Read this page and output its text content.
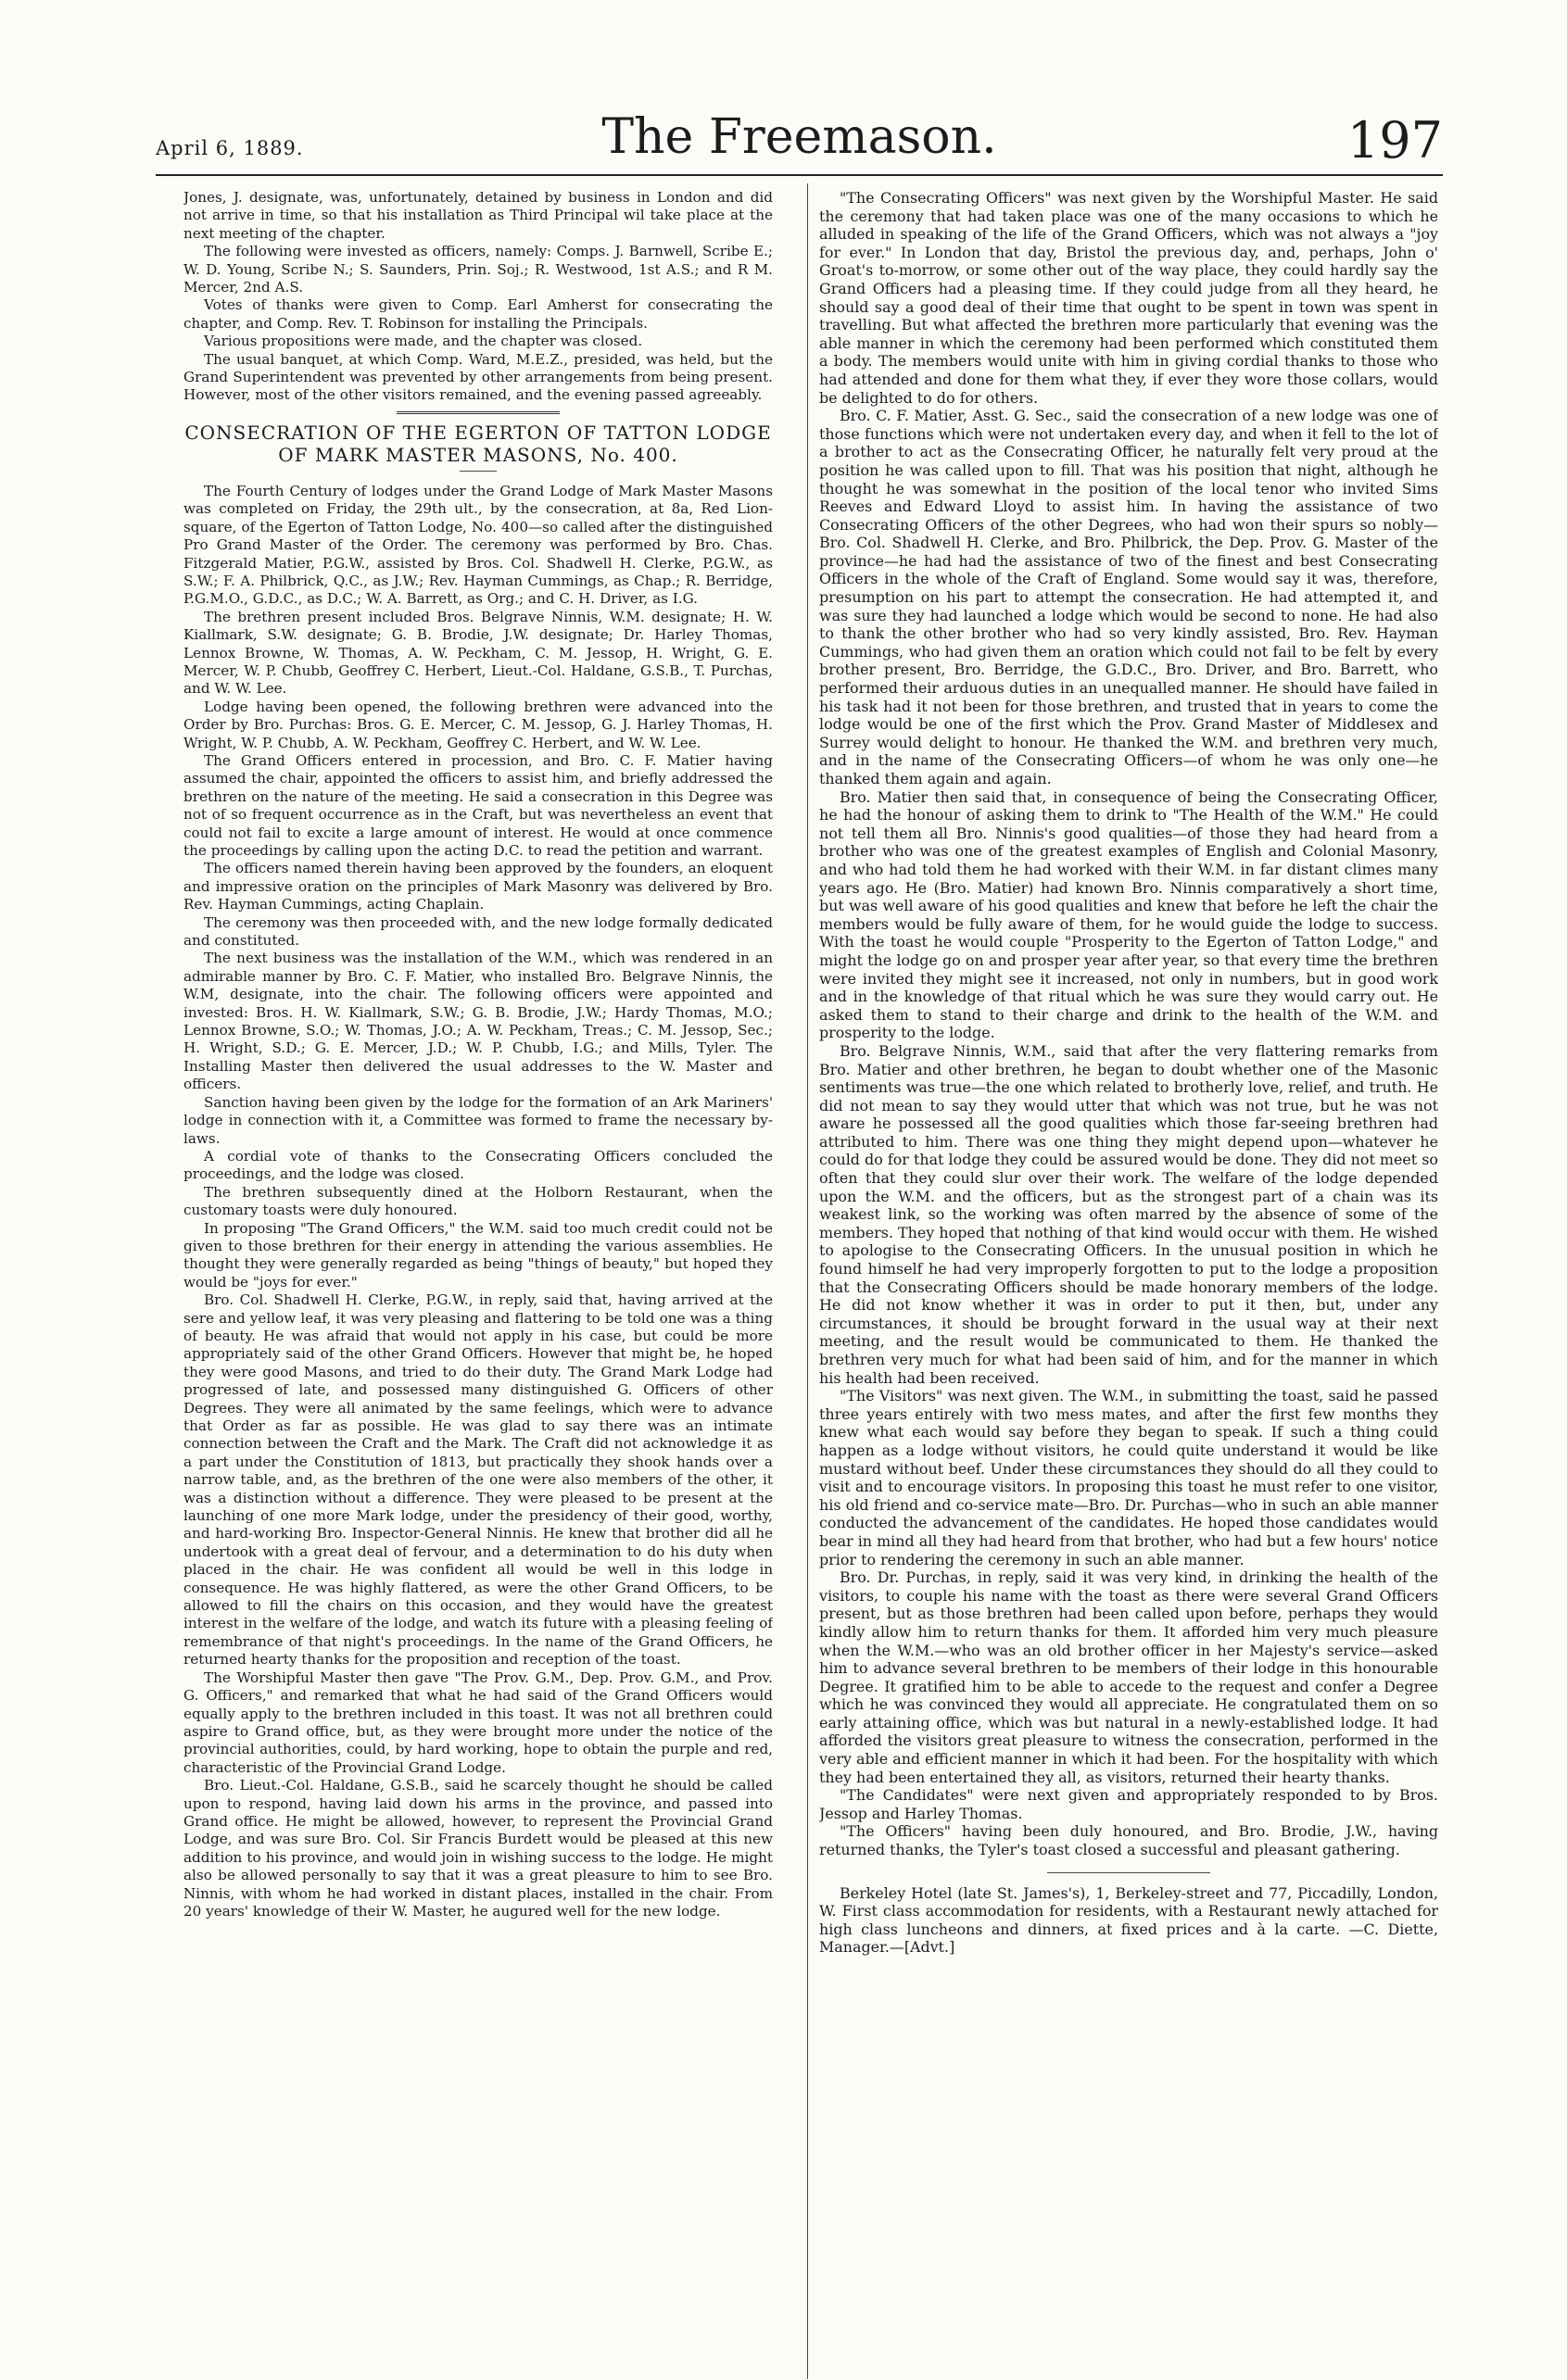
April 6, 1889.	The Freemason.	197

Jones, J. designate, was, unfortunately, detained by business in London and did not arrive in time, so that his installation as Third Principal wil take place at the next meeting of the chapter.

The following were invested as officers, namely: Comps. J. Barnwell, Scribe E.; W. D. Young, Scribe N.; S. Saunders, Prin. Soj.; R. Westwood, 1st A.S.; and R M. Mercer, 2nd A.S.

Votes of thanks were given to Comp. Earl Amherst for consecrating the chapter, and Comp. Rev. T. Robinson for installing the Principals.

Various propositions were made, and the chapter was closed.

The usual banquet, at which Comp. Ward, M.E.Z., presided, was held, but the Grand Superintendent was prevented by other arrangements from being present. However, most of the other visitors remained, and the evening passed agreeably.

CONSECRATION OF THE EGERTON OF TATTON LODGE OF MARK MASTER MASONS, No. 400.

The Fourth Century of lodges under the Grand Lodge of Mark Master Masons was completed on Friday, the 29th ult., by the consecration, at 8a, Red Lion-square, of the Egerton of Tatton Lodge, No. 400—so called after the distinguished Pro Grand Master of the Order. The ceremony was performed by Bro. Chas. Fitzgerald Matier, P.G.W., assisted by Bros. Col. Shadwell H. Clerke, P.G.W., as S.W.; F. A. Philbrick, Q.C., as J.W.; Rev. Hayman Cummings, as Chap.; R. Berridge, P.G.M.O., G.D.C., as D.C.; W. A. Barrett, as Org.; and C. H. Driver, as I.G.

The brethren present included Bros. Belgrave Ninnis, W.M. designate; H. W. Kiallmark, S.W. designate; G. B. Brodie, J.W. designate; Dr. Harley Thomas, Lennox Browne, W. Thomas, A. W. Peckham, C. M. Jessop, H. Wright, G. E. Mercer, W. P. Chubb, Geoffrey C. Herbert, Lieut.-Col. Haldane, G.S.B., T. Purchas, and W. W. Lee.

Lodge having been opened, the following brethren were advanced into the Order by Bro. Purchas: Bros. G. E. Mercer, C. M. Jessop, G. J. Harley Thomas, H. Wright, W. P. Chubb, A. W. Peckham, Geoffrey C. Herbert, and W. W. Lee.

The Grand Officers entered in procession, and Bro. C. F. Matier having assumed the chair, appointed the officers to assist him, and briefly addressed the brethren on the nature of the meeting. He said a consecration in this Degree was not of so frequent occurrence as in the Craft, but was nevertheless an event that could not fail to excite a large amount of interest. He would at once commence the proceedings by calling upon the acting D.C. to read the petition and warrant.

The officers named therein having been approved by the founders, an eloquent and impressive oration on the principles of Mark Masonry was delivered by Bro. Rev. Hayman Cummings, acting Chaplain.

The ceremony was then proceeded with, and the new lodge formally dedicated and constituted.

The next business was the installation of the W.M., which was rendered in an admirable manner by Bro. C. F. Matier, who installed Bro. Belgrave Ninnis, the W.M, designate, into the chair. The following officers were appointed and invested: Bros. H. W. Kiallmark, S.W.; G. B. Brodie, J.W.; Hardy Thomas, M.O.; Lennox Browne, S.O.; W. Thomas, J.O.; A. W. Peckham, Treas.; C. M. Jessop, Sec.; H. Wright, S.D.; G. E. Mercer, J.D.; W. P. Chubb, I.G.; and Mills, Tyler. The Installing Master then delivered the usual addresses to the W. Master and officers.

Sanction having been given by the lodge for the formation of an Ark Mariners' lodge in connection with it, a Committee was formed to frame the necessary by-laws.

A cordial vote of thanks to the Consecrating Officers concluded the proceedings, and the lodge was closed.

The brethren subsequently dined at the Holborn Restaurant, when the customary toasts were duly honoured.

In proposing "The Grand Officers," the W.M. said too much credit could not be given to those brethren for their energy in attending the various assemblies. He thought they were generally regarded as being "things of beauty," but hoped they would be "joys for ever."

Bro. Col. Shadwell H. Clerke, P.G.W., in reply, said that, having arrived at the sere and yellow leaf, it was very pleasing and flattering to be told one was a thing of beauty. He was afraid that would not apply in his case, but could be more appropriately said of the other Grand Officers. However that might be, he hoped they were good Masons, and tried to do their duty. The Grand Mark Lodge had progressed of late, and possessed many distinguished G. Officers of other Degrees. They were all animated by the same feelings, which were to advance that Order as far as possible. He was glad to say there was an intimate connection between the Craft and the Mark. The Craft did not acknowledge it as a part under the Constitution of 1813, but practically they shook hands over a narrow table, and, as the brethren of the one were also members of the other, it was a distinction without a difference. They were pleased to be present at the launching of one more Mark lodge, under the presidency of their good, worthy, and hard-working Bro. Inspector-General Ninnis. He knew that brother did all he undertook with a great deal of fervour, and a determination to do his duty when placed in the chair. He was confident all would be well in this lodge in consequence. He was highly flattered, as were the other Grand Officers, to be allowed to fill the chairs on this occasion, and they would have the greatest interest in the welfare of the lodge, and watch its future with a pleasing feeling of remembrance of that night's proceedings. In the name of the Grand Officers, he returned hearty thanks for the proposition and reception of the toast.

The Worshipful Master then gave "The Prov. G.M., Dep. Prov. G.M., and Prov. G. Officers," and remarked that what he had said of the Grand Officers would equally apply to the brethren included in this toast. It was not all brethren could aspire to Grand office, but, as they were brought more under the notice of the provincial authorities, could, by hard working, hope to obtain the purple and red, characteristic of the Provincial Grand Lodge.

Bro. Lieut.-Col. Haldane, G.S.B., said he scarcely thought he should be called upon to respond, having laid down his arms in the province, and passed into Grand office. He might be allowed, however, to represent the Provincial Grand Lodge, and was sure Bro. Col. Sir Francis Burdett would be pleased at this new addition to his province, and would join in wishing success to the lodge. He might also be allowed personally to say that it was a great pleasure to him to see Bro. Ninnis, with whom he had worked in distant places, installed in the chair. From 20 years' knowledge of their W. Master, he augured well for the new lodge.

"The Consecrating Officers" was next given by the Worshipful Master. He said the ceremony that had taken place was one of the many occasions to which he alluded in speaking of the life of the Grand Officers, which was not always a "joy for ever." In London that day, Bristol the previous day, and, perhaps, John o' Groat's to-morrow, or some other out of the way place, they could hardly say the Grand Officers had a pleasing time. If they could judge from all they heard, he should say a good deal of their time that ought to be spent in town was spent in travelling. But what affected the brethren more particularly that evening was the able manner in which the ceremony had been performed which constituted them a body. The members would unite with him in giving cordial thanks to those who had attended and done for them what they, if ever they wore those collars, would be delighted to do for others.

Bro. C. F. Matier, Asst. G. Sec., said the consecration of a new lodge was one of those functions which were not undertaken every day, and when it fell to the lot of a brother to act as the Consecrating Officer, he naturally felt very proud at the position he was called upon to fill. That was his position that night, although he thought he was somewhat in the position of the local tenor who invited Sims Reeves and Edward Lloyd to assist him. In having the assistance of two Consecrating Officers of the other Degrees, who had won their spurs so nobly—Bro. Col. Shadwell H. Clerke, and Bro. Philbrick, the Dep. Prov. G. Master of the province—he had had the assistance of two of the finest and best Consecrating Officers in the whole of the Craft of England. Some would say it was, therefore, presumption on his part to attempt the consecration. He had attempted it, and was sure they had launched a lodge which would be second to none. He had also to thank the other brother who had so very kindly assisted, Bro. Rev. Hayman Cummings, who had given them an oration which could not fail to be felt by every brother present, Bro. Berridge, the G.D.C., Bro. Driver, and Bro. Barrett, who performed their arduous duties in an unequalled manner. He should have failed in his task had it not been for those brethren, and trusted that in years to come the lodge would be one of the first which the Prov. Grand Master of Middlesex and Surrey would delight to honour. He thanked the W.M. and brethren very much, and in the name of the Consecrating Officers—of whom he was only one—he thanked them again and again.

Bro. Matier then said that, in consequence of being the Consecrating Officer, he had the honour of asking them to drink to "The Health of the W.M." He could not tell them all Bro. Ninnis's good qualities—of those they had heard from a brother who was one of the greatest examples of English and Colonial Masonry, and who had told them he had worked with their W.M. in far distant climes many years ago. He (Bro. Matier) had known Bro. Ninnis comparatively a short time, but was well aware of his good qualities and knew that before he left the chair the members would be fully aware of them, for he would guide the lodge to success. With the toast he would couple "Prosperity to the Egerton of Tatton Lodge," and might the lodge go on and prosper year after year, so that every time the brethren were invited they might see it increased, not only in numbers, but in good work and in the knowledge of that ritual which he was sure they would carry out. He asked them to stand to their charge and drink to the health of the W.M. and prosperity to the lodge.

Bro. Belgrave Ninnis, W.M., said that after the very flattering remarks from Bro. Matier and other brethren, he began to doubt whether one of the Masonic sentiments was true—the one which related to brotherly love, relief, and truth. He did not mean to say they would utter that which was not true, but he was not aware he possessed all the good qualities which those far-seeing brethren had attributed to him. There was one thing they might depend upon—whatever he could do for that lodge they could be assured would be done. They did not meet so often that they could slur over their work. The welfare of the lodge depended upon the W.M. and the officers, but as the strongest part of a chain was its weakest link, so the working was often marred by the absence of some of the members. They hoped that nothing of that kind would occur with them. He wished to apologise to the Consecrating Officers. In the unusual position in which he found himself he had very improperly forgotten to put to the lodge a proposition that the Consecrating Officers should be made honorary members of the lodge. He did not know whether it was in order to put it then, but, under any circumstances, it should be brought forward in the usual way at their next meeting, and the result would be communicated to them. He thanked the brethren very much for what had been said of him, and for the manner in which his health had been received.

"The Visitors" was next given. The W.M., in submitting the toast, said he passed three years entirely with two mess mates, and after the first few months they knew what each would say before they began to speak. If such a thing could happen as a lodge without visitors, he could quite understand it would be like mustard without beef. Under these circumstances they should do all they could to visit and to encourage visitors. In proposing this toast he must refer to one visitor, his old friend and co-service mate—Bro. Dr. Purchas—who in such an able manner conducted the advancement of the candidates. He hoped those candidates would bear in mind all they had heard from that brother, who had but a few hours' notice prior to rendering the ceremony in such an able manner.

Bro. Dr. Purchas, in reply, said it was very kind, in drinking the health of the visitors, to couple his name with the toast as there were several Grand Officers present, but as those brethren had been called upon before, perhaps they would kindly allow him to return thanks for them. It afforded him very much pleasure when the W.M.—who was an old brother officer in her Majesty's service—asked him to advance several brethren to be members of their lodge in this honourable Degree. It gratified him to be able to accede to the request and confer a Degree which he was convinced they would all appreciate. He congratulated them on so early attaining office, which was but natural in a newly-established lodge. It had afforded the visitors great pleasure to witness the consecration, performed in the very able and efficient manner in which it had been. For the hospitality with which they had been entertained they all, as visitors, returned their hearty thanks.

"The Candidates" were next given and appropriately responded to by Bros. Jessop and Harley Thomas.

"The Officers" having been duly honoured, and Bro. Brodie, J.W., having returned thanks, the Tyler's toast closed a successful and pleasant gathering.

Berkeley Hotel (late St. James's), 1, Berkeley-street and 77, Piccadilly, London, W. First class accommodation for residents, with a Restaurant newly attached for high class luncheons and dinners, at fixed prices and à la carte. —C. Diette, Manager.—[Advt.]
